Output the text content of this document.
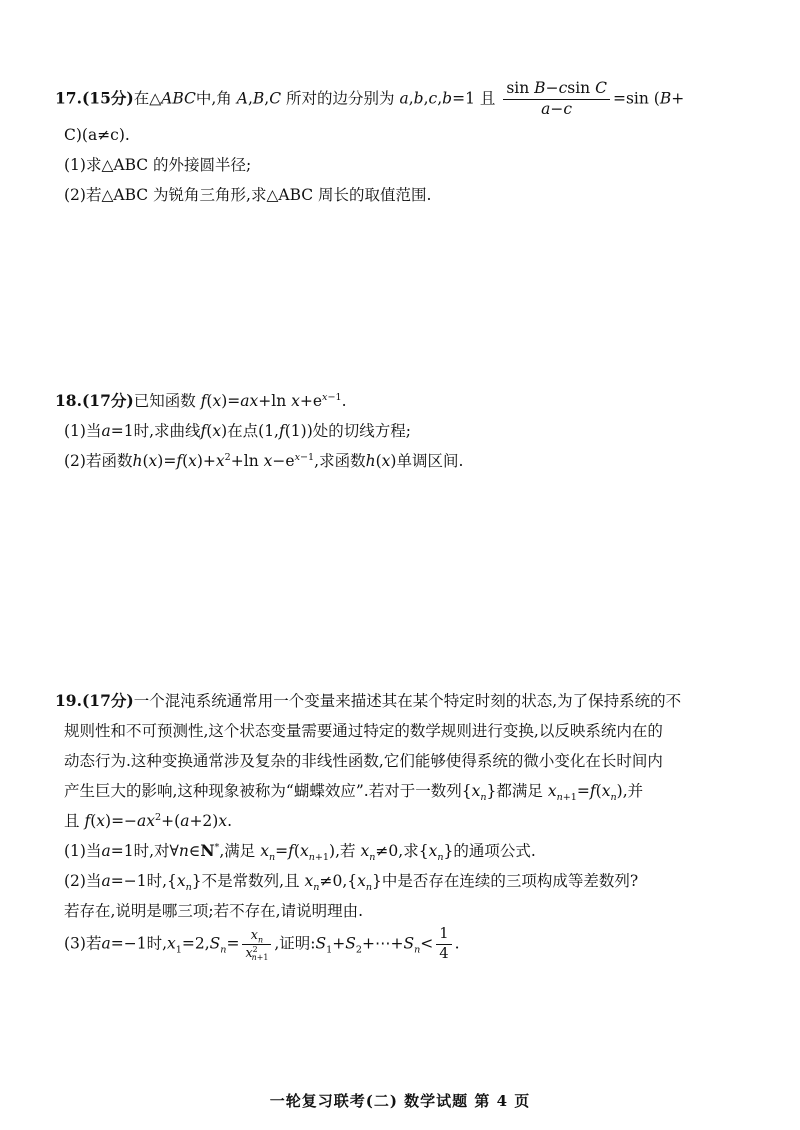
17.(15分)在△ABC中,角 A,B,C 所对的边分别为 a,b,c,b=1 且 $\frac{\text{sin B−csin C}}{a-c} =\sin$ (B+
C)(a≠c).
(1)求△ABC 的外接圆半径;
(2)若△ABC 为锐角三角形,求△ABC 周长的取值范围.
18.(17分)已知函数 f(x)=ax+ln $x+e^{x-1}$.
(1)当a=1时,求曲线f(x)在点(1,f(1))处的切线方程;
(2)若函数$h(x)=f(x)+x^2+\ln$ $x-e^{x-1}$,求函数h(x)单调区间.
19.(17分)一个混沌系统通常用一个变量来描述其在某个特定时刻的状态,为了保持系统的不
规则性和不可预测性,这个状态变量需要通过特定的数学规则进行变换,以反映系统内在的
动态行为.这种变换通常涉及复杂的非线性函数,它们能够使得系统的微小变化在长时间内
产生巨大的影响,这种现象被称为“蝴蝶效应”.若对于一数列$\{x_n\}$都满足 $x_{n+1}=f(x_n)$,并
且 $f(x)=-ax^2+(a+2)x$.
(1)当a=1时,对∀n∈N*,满足 $x_n=f(x_{n+1})$,若 $x_n\ne 0$,求$\{x_n\}$的通项公式.
(2)当a=−1时$,\{x_n\}$不是常数列,且 $x_n\ne 0,\{x_n\}$中是否存在连续的三项构成等差数列?
若存在,说明是哪三项;若不存在,请说明理由.
(3)若a=−1时$,x_1=2,S_n= \frac{x_n}{x^2_{n+1}}$ ,证明$:S_1+S_2+\cdots+S_n< \frac{1}{4}$ .
一轮复习联考(二) 数学试题 第 4 页
